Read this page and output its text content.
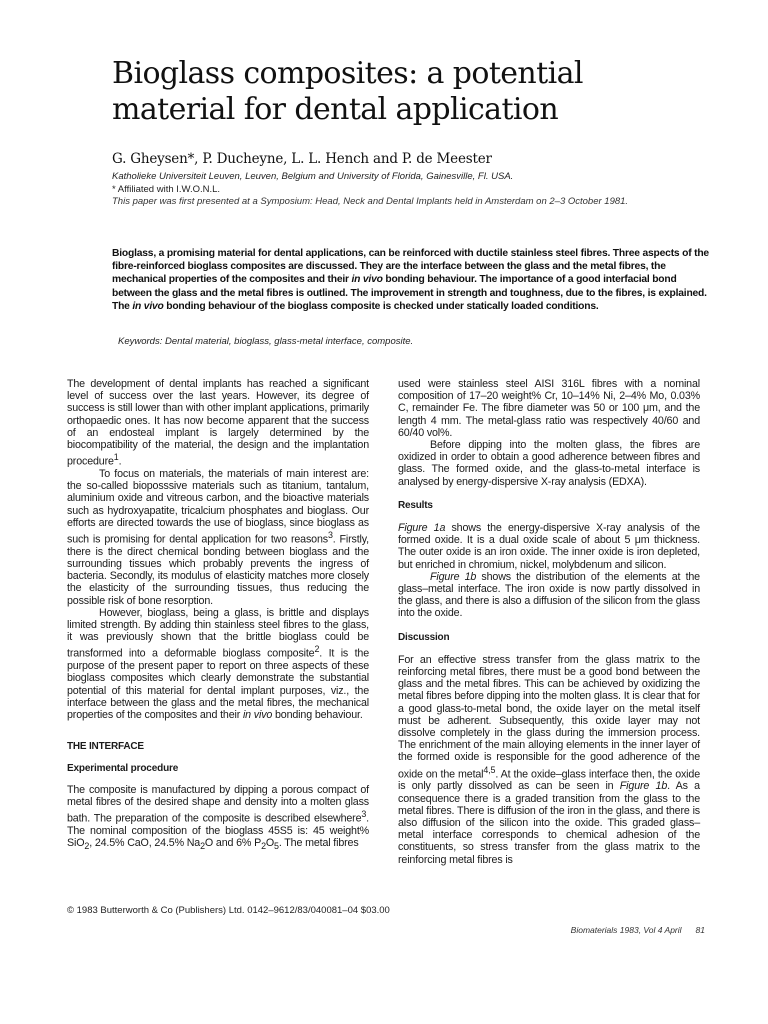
Bioglass composites: a potential
material for dental application
G. Gheysen*, P. Ducheyne, L. L. Hench and P. de Meester
Katholieke Universiteit Leuven, Leuven, Belgium and University of Florida, Gainesville, Fl. USA.
* Affiliated with I.W.O.N.L.
This paper was first presented at a Symposium: Head, Neck and Dental Implants held in Amsterdam on 2–3 October 1981.

Bioglass, a promising material for dental applications, can be reinforced with ductile stainless steel fibres. Three aspects of the fibre-reinforced bioglass composites are discussed. They are the interface between the glass and the metal fibres, the mechanical properties of the composites and their in vivo bonding behaviour. The importance of a good interfacial bond between the glass and the metal fibres is outlined. The improvement in strength and toughness, due to the fibres, is explained. The in vivo bonding behaviour of the bioglass composite is checked under statically loaded conditions.

Keywords: Dental material, bioglass, glass-metal interface, composite.

The development of dental implants has reached a significant level of success over the last years. However, its degree of success is still lower than with other implant applications, primarily orthopaedic ones. It has now become apparent that the success of an endosteal implant is largely determined by the biocompatibility of the material, the design and the implantation procedure$^1$.

To focus on materials, the materials of main interest are: the so-called bioposssive materials such as titanium, tantalum, aluminium oxide and vitreous carbon, and the bioactive materials such as hydroxyapatite, tricalcium phosphates and bioglass. Our efforts are directed towards the use of bioglass, since bioglass as such is promising for dental application for two reasons$^3$. Firstly, there is the direct chemical bonding between bioglass and the surrounding tissues which probably prevents the ingress of bacteria. Secondly, its modulus of elasticity matches more closely the elasticity of the surrounding tissues, thus reducing the possible risk of bone resorption.

However, bioglass, being a glass, is brittle and displays limited strength. By adding thin stainless steel fibres to the glass, it was previously shown that the brittle bioglass could be transformed into a deformable bioglass composite$^2$. It is the purpose of the present paper to report on three aspects of these bioglass composites which clearly demonstrate the substantial potential of this material for dental implant purposes, viz., the interface between the glass and the metal fibres, the mechanical properties of the composites and their in vivo bonding behaviour.

THE INTERFACE
Experimental procedure

The composite is manufactured by dipping a porous compact of metal fibres of the desired shape and density into a molten glass bath. The preparation of the composite is described elsewhere$^3$. The nominal composition of the bioglass 45S5 is: 45 weight% SiO$_2$, 24.5% CaO, 24.5% $Na_2O$ and 6% $P_2O_5$. The metal fibres

used were stainless steel AISI 316L fibres with a nominal composition of 17–20 weight% Cr, 10–14% Ni, 2–4% Mo, 0.03% C, remainder Fe. The fibre diameter was 50 or 100 μm, and the length 4 mm. The metal-glass ratio was respectively 40/60 and 60/40 vol%.

Before dipping into the molten glass, the fibres are oxidized in order to obtain a good adherence between fibres and glass. The formed oxide, and the glass-to-metal interface is analysed by energy-dispersive X-ray analysis (EDXA).

Results

Figure 1a shows the energy-dispersive X-ray analysis of the formed oxide. It is a dual oxide scale of about 5 μm thickness. The outer oxide is an iron oxide. The inner oxide is iron depleted, but enriched in chromium, nickel, molybdenum and silicon.

Figure 1b shows the distribution of the elements at the glass–metal interface. The iron oxide is now partly dissolved in the glass, and there is also a diffusion of the silicon from the glass into the oxide.

Discussion

For an effective stress transfer from the glass matrix to the reinforcing metal fibres, there must be a good bond between the glass and the metal fibres. This can be achieved by oxidizing the metal fibres before dipping into the molten glass. It is clear that for a good glass-to-metal bond, the oxide layer on the metal itself must be adherent. Subsequently, this oxide layer may not dissolve completely in the glass during the immersion process. The enrichment of the main alloying elements in the inner layer of the formed oxide is responsible for the good adherence of the oxide on the metal$^{4,5}$. At the oxide–glass interface then, the oxide is only partly dissolved as can be seen in Figure 1b. As a consequence there is a graded transition from the glass to the metal fibres. There is diffusion of the iron in the glass, and there is also diffusion of the silicon into the oxide. This graded glass–metal interface corresponds to chemical adhesion of the constituents, so stress transfer from the glass matrix to the reinforcing metal fibres is

© 1983 Butterworth & Co (Publishers) Ltd. 0142–9612/83/040081–04 $03.00
Biomaterials 1983, Vol 4 April 81
